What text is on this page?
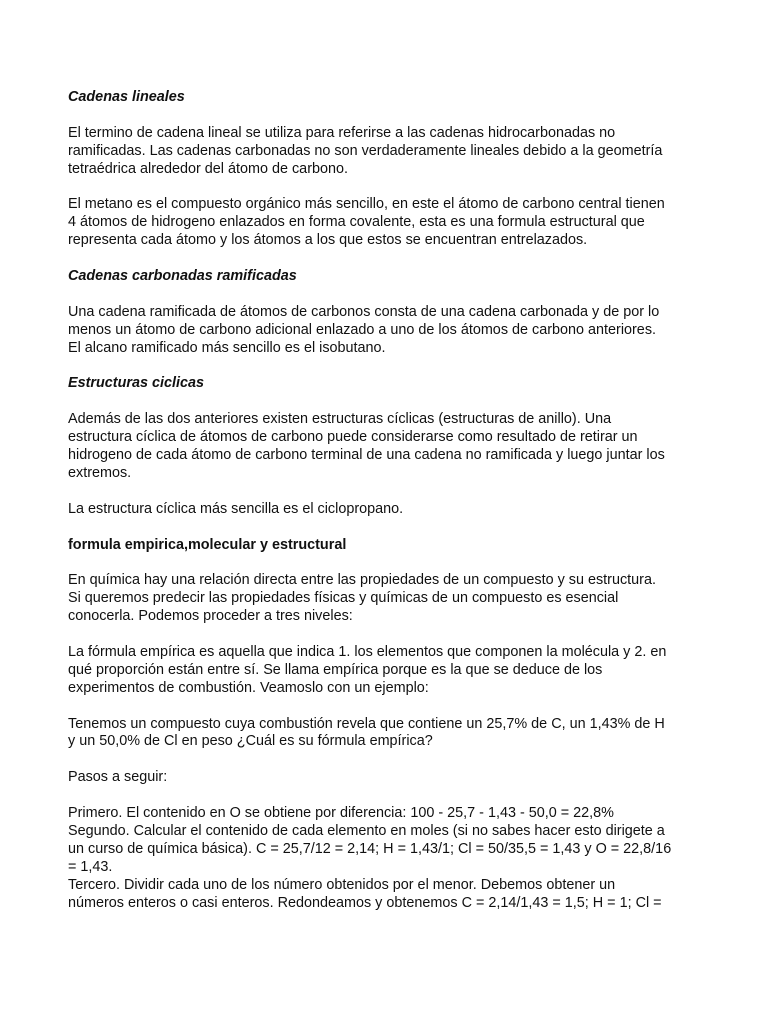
Cadenas lineales

El termino de cadena lineal se utiliza para referirse a las cadenas hidrocarbonadas no
ramificadas. Las cadenas carbonadas no son verdaderamente lineales debido a la geometría
tetraédrica alrededor del átomo de carbono.

El metano es el compuesto orgánico más sencillo, en este el átomo de carbono central tienen
4 átomos de hidrogeno enlazados en forma covalente, esta es una formula estructural que
representa cada átomo y los átomos a los que estos se encuentran entrelazados.

Cadenas carbonadas ramificadas

Una cadena ramificada de átomos de carbonos consta de una cadena carbonada y de por lo
menos un átomo de carbono adicional enlazado a uno de los átomos de carbono anteriores.
El alcano ramificado más sencillo es el isobutano.

Estructuras ciclicas

Además de las dos anteriores existen estructuras cíclicas (estructuras de anillo). Una
estructura cíclica de átomos de carbono puede considerarse como resultado de retirar un
hidrogeno de cada átomo de carbono terminal de una cadena no ramificada y luego juntar los
extremos.

La estructura cíclica más sencilla es el ciclopropano.

formula empirica,molecular y estructural

En química hay una relación directa entre las propiedades de un compuesto y su estructura.
Si queremos predecir las propiedades físicas y químicas de un compuesto es esencial
conocerla. Podemos proceder a tres niveles:

La fórmula empírica es aquella que indica 1. los elementos que componen la molécula y 2. en
qué proporción están entre sí. Se llama empírica porque es la que se deduce de los
experimentos de combustión. Veamoslo con un ejemplo:

Tenemos un compuesto cuya combustión revela que contiene un 25,7% de C, un 1,43% de H
y un 50,0% de Cl en peso ¿Cuál es su fórmula empírica?

Pasos a seguir:

Primero. El contenido en O se obtiene por diferencia: 100 - 25,7 - 1,43 - 50,0 = 22,8%
Segundo. Calcular el contenido de cada elemento en moles (si no sabes hacer esto dirigete a
un curso de química básica). C = 25,7/12 = 2,14; H = 1,43/1; Cl = 50/35,5 = 1,43 y O = 22,8/16
= 1,43.
Tercero. Dividir cada uno de los número obtenidos por el menor. Debemos obtener un
números enteros o casi enteros. Redondeamos y obtenemos C = 2,14/1,43 = 1,5; H = 1; Cl =
